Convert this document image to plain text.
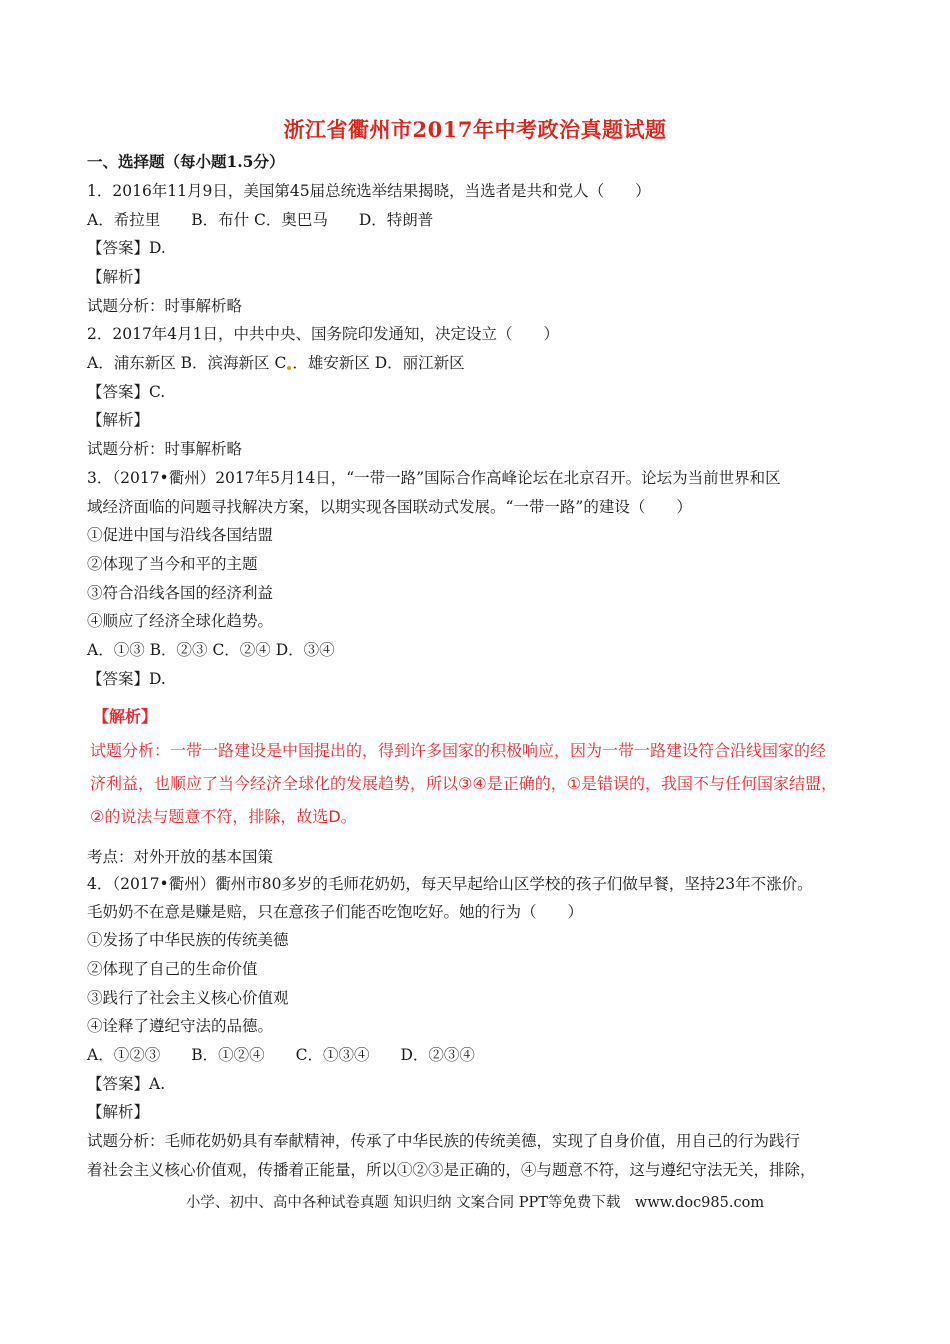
浙江省衢州市2017年中考政治真题试题
一、选择题（每小题1.5分）
1．2016年11月9日，美国第45届总统选举结果揭晓，当选者是共和党人（　　）
A．希拉里　　B．布什 C．奥巴马　　D．特朗普
【答案】D.
【解析】
试题分析：时事解析略
2．2017年4月1日，中共中央、国务院印发通知，决定设立（　　）
A．浦东新区 B．滨海新区 C ．雄安新区 D．丽江新区
【答案】C.
【解析】
试题分析：时事解析略
3．（2017•衢州）2017年5月14日，“一带一路”国际合作高峰论坛在北京召开。论坛为当前世界和区
域经济面临的问题寻找解决方案，以期实现各国联动式发展。“一带一路”的建设（　　）
①促进中国与沿线各国结盟
②体现了当今和平的主题
③符合沿线各国的经济利益
④顺应了经济全球化趋势。
A．①③ B．②③ C．②④ D．③④
【答案】D.
【解析】
试题分析：一带一路建设是中国提出的，得到许多国家的积极响应，因为一带一路建设符合沿线国家的经
济利益，也顺应了当今经济全球化的发展趋势，所以③④是正确的，①是错误的，我国不与任何国家结盟，
②的说法与题意不符，排除，故选D。
考点：对外开放的基本国策
4．（2017•衢州）衢州市80多岁的毛师花奶奶，每天早起给山区学校的孩子们做早餐，坚持23年不涨价。
毛奶奶不在意是赚是赔，只在意孩子们能否吃饱吃好。她的行为（　　）
①发扬了中华民族的传统美德
②体现了自己的生命价值
③践行了社会主义核心价值观
④诠释了遵纪守法的品德。
A．①②③　　B．①②④　　C．①③④　　D．②③④
【答案】A.
【解析】
试题分析：毛师花奶奶具有奉献精神，传承了中华民族的传统美德，实现了自身价值，用自己的行为践行
着社会主义核心价值观，传播着正能量，所以①②③是正确的，④与题意不符，这与遵纪守法无关，排除，
小学、初中、高中各种试卷真题 知识归纳 文案合同 PPT等免费下载　www.doc985.com
